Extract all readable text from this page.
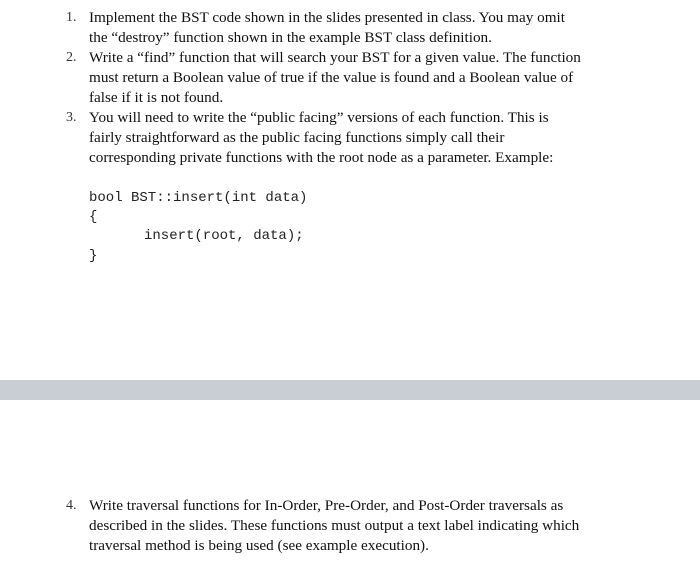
1. Implement the BST code shown in the slides presented in class. You may omit
the “destroy” function shown in the example BST class definition.
2. Write a “find” function that will search your BST for a given value. The function
must return a Boolean value of true if the value is found and a Boolean value of
false if it is not found.
3. You will need to write the “public facing” versions of each function. This is
fairly straightforward as the public facing functions simply call their
corresponding private functions with the root node as a parameter. Example:
bool BST::insert(int data)
{
insert(root, data);
}
4. Write traversal functions for In-Order, Pre-Order, and Post-Order traversals as
described in the slides. These functions must output a text label indicating which
traversal method is being used (see example execution).
